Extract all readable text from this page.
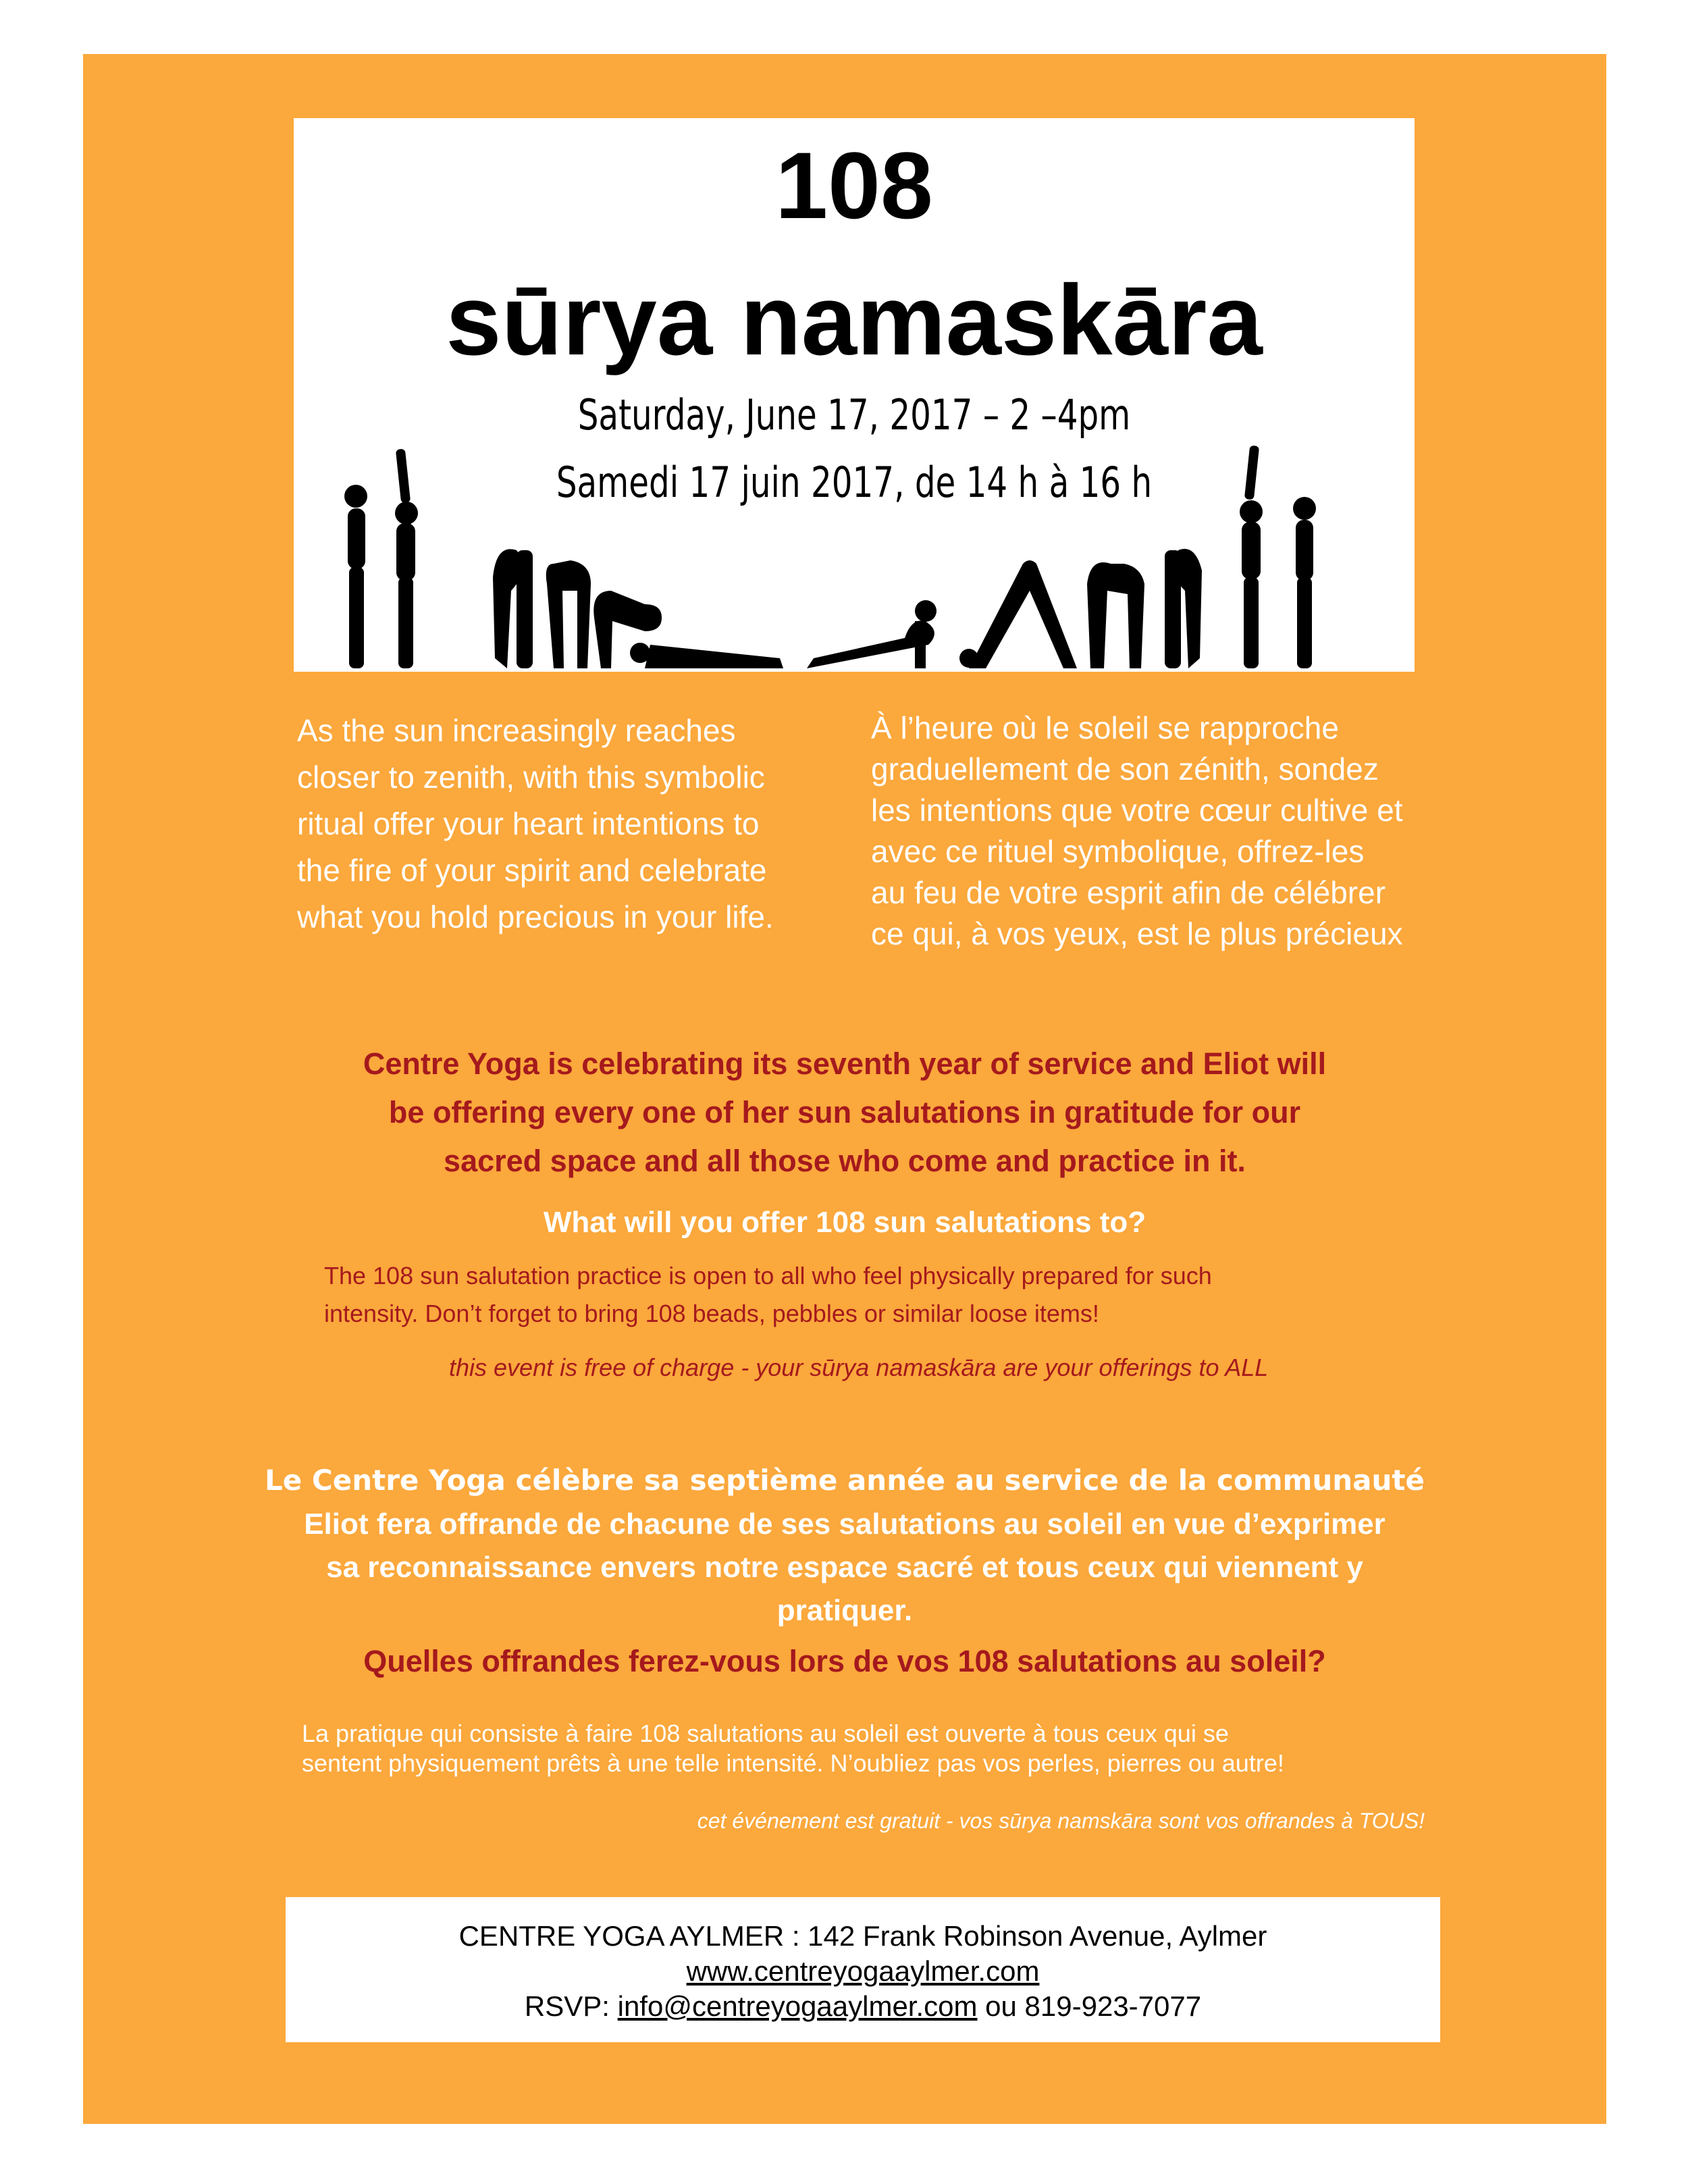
108
sūrya namaskāra
Saturday, June 17, 2017 – 2 –4pm
Samedi 17 juin 2017, de 14 h à 16 h
As the sun increasingly reaches closer to zenith, with this symbolic ritual offer your heart intentions to the fire of your spirit and celebrate what you hold precious in your life.
À l’heure où le soleil se rapproche graduellement de son zénith, sondez les intentions que votre cœur cultive et avec ce rituel symbolique, offrez-les au feu de votre esprit afin de célébrer ce qui, à vos yeux, est le plus précieux
Centre Yoga is celebrating its seventh year of service and Eliot will
be offering every one of her sun salutations in gratitude for our
sacred space and all those who come and practice in it.
What will you offer 108 sun salutations to?
The 108 sun salutation practice is open to all who feel physically prepared for such
intensity. Don’t forget to bring 108 beads, pebbles or similar loose items!
this event is free of charge - your sūrya namaskāra are your offerings to ALL
Le Centre Yoga célèbre sa septième année au service de la communauté
Eliot fera offrande de chacune de ses salutations au soleil en vue d’exprimer
sa reconnaissance envers notre espace sacré et tous ceux qui viennent y
pratiquer.
Quelles offrandes ferez-vous lors de vos 108 salutations au soleil?
La pratique qui consiste à faire 108 salutations au soleil est ouverte à tous ceux qui se
sentent physiquement prêts à une telle intensité. N’oubliez pas vos perles, pierres ou autre!
cet événement est gratuit - vos sūrya namskāra sont vos offrandes à TOUS!
CENTRE YOGA AYLMER : 142 Frank Robinson Avenue, Aylmer
www.centreyogaaylmer.com
RSVP: info@centreyogaaylmer.com ou 819-923-7077
